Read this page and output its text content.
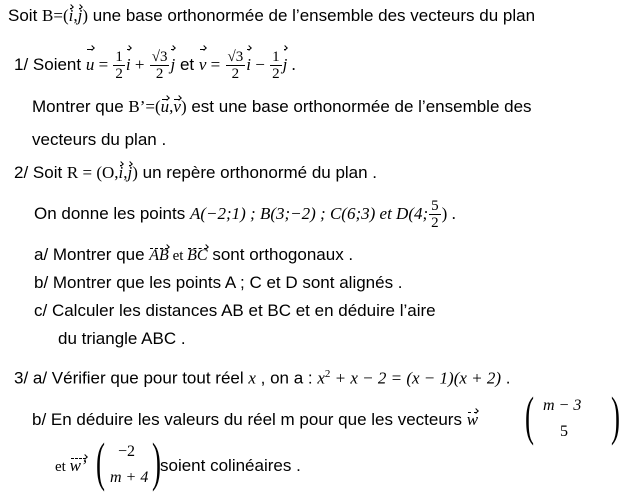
Soit B=(i,j) une base orthonormée de l’ensemble des vecteurs du plan
1/ Soient $u = \frac{1}{2}$ $i + \frac{√3}{2}$ j et $v = \frac{√3}{2}$ $i - \frac{1}{2}$ j .
Montrer que B’=(u,v) est une base orthonormée de l’ensemble des
vecteurs du plan .
2/ Soit R = (O,i,j) un repère orthonormé du plan .
On donne les points A(−2;1) ; B(3;−2) ; C(6;3) et D(4; $\frac{5}{2}$ ) .
a/ Montrer que AB et BC sont orthogonaux .
b/ Montrer que les points A ; C et D sont alignés .
c/ Calculer les distances AB et BC et en déduire l’aire
du triangle ABC .
3/ a/ Vérifier que pour tout réel x , on a : $x^2 + x - 2 = (x - 1)(x + 2)$ .
b/ En déduire les valeurs du réel m pour que les vecteurs w ( m − 3
5 )
et w’ ( −2
m + 4 ) soient colinéaires .
